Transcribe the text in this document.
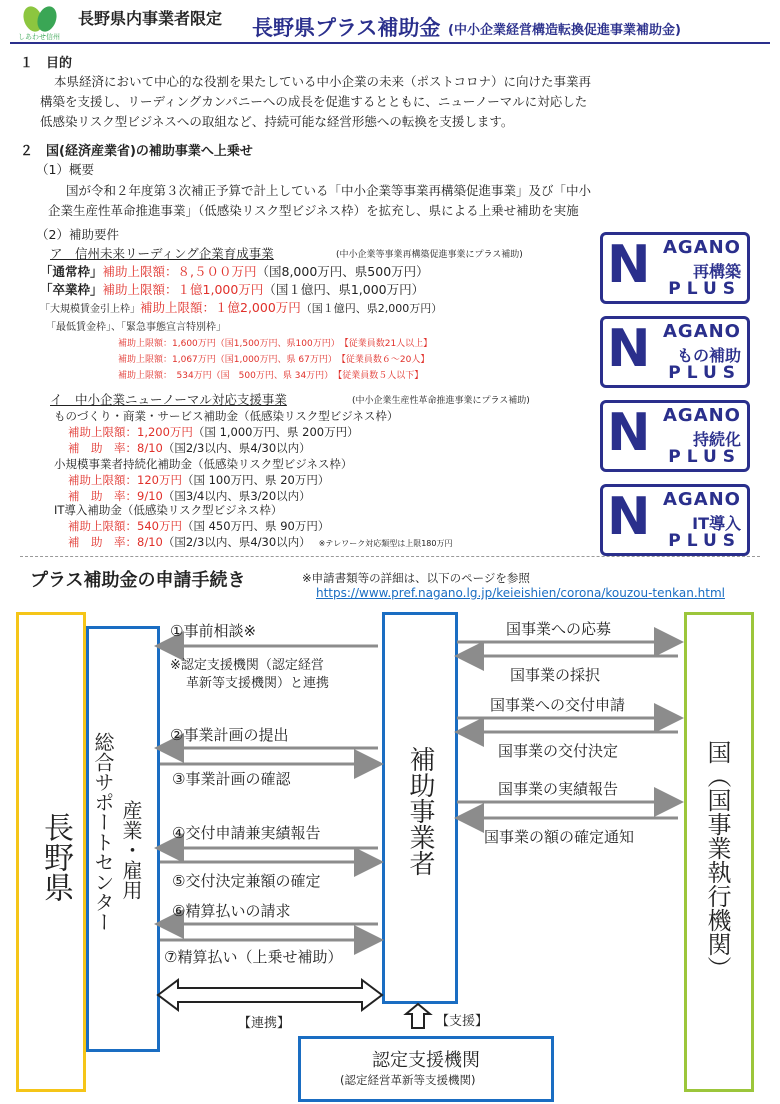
しあわせ信州
長野県内事業者限定 長野県プラス補助金 (中小企業経営構造転換促進事業補助金)
１　目的
本県経済において中心的な役割を果たしている中小企業の未来（ポストコロナ）に向けた事業再
構築を支援し、リーディングカンパニーへの成長を促進するとともに、ニューノーマルに対応した
低感染リスク型ビジネスへの取組など、持続可能な経営形態への転換を支援します。
２　国(経済産業省)の補助事業へ上乗せ
（1）概要
国が令和２年度第３次補正予算で計上している「中小企業等事業再構築促進事業」及び「中小
企業生産性革命推進事業」（低感染リスク型ビジネス枠）を拡充し、県による上乗せ補助を実施
（2）補助要件
ア　信州未来リーディング企業育成事業	(中小企業等事業再構築促進事業にプラス補助)
「通常枠」補助上限額：８,５００万円（国8,000万円、県500万円）
「卒業枠」補助上限額：１億1,000万円（国１億円、県1,000万円）
「大規模賃金引上枠」補助上限額：１億2,000万円（国１億円、県2,000万円）
「最低賃金枠」、「緊急事態宣言特別枠」
補助上限額：1,600万円（国1,500万円、県100万円）　 【従業員数21人以上】
補助上限額：1,067万円（国1,000万円、県 67万円）　 【従業員数６～20人】
補助上限額：　534万円（国　500万円、県 34万円）　 【従業員数５人以下】
イ　中小企業ニューノーマル対応支援事業	(中小企業生産性革命推進事業にプラス補助)
ものづくり・商業・サービス補助金（低感染リスク型ビジネス枠）
補助上限額：1,200万円（国 1,000万円、県 200万円）
補　助　率：8/10（国2/3以内、県4/30以内）
小規模事業者持続化補助金（低感染リスク型ビジネス枠）
補助上限額：120万円（国 100万円、県 20万円）
補　助　率：9/10（国3/4以内、県3/20以内）
IT導入補助金（低感染リスク型ビジネス枠）
補助上限額：540万円（国 450万円、県 90万円）
補　助　率：8/10（国2/3以内、県4/30以内） ※テレワーク対応類型は上限180万円
N AGANO
再構築
PLUS
N AGANO
もの補助
PLUS
N AGANO
持続化
PLUS
N AGANO
IT導入
PLUS
プラス補助金の申請手続き	※申請書類等の詳細は、以下のページを参照
https://www.pref.nagano.lg.jp/keieishien/corona/kouzou-tenkan.html
長野県 産業・雇用
総合サポートセンター	補助事業者	国（国事業執行機関）
認定支援機関
(認定経営革新等支援機関)
①事前相談※
※認定支援機関（認定経営
革新等支援機関）と連携
②事業計画の提出
③事業計画の確認
④交付申請兼実績報告
⑤交付決定兼額の確定
⑥精算払いの請求
⑦精算払い（上乗せ補助）
国事業への応募
国事業の採択
国事業への交付申請
国事業の交付決定
国事業の実績報告
国事業の額の確定通知
【連携】	【支援】
